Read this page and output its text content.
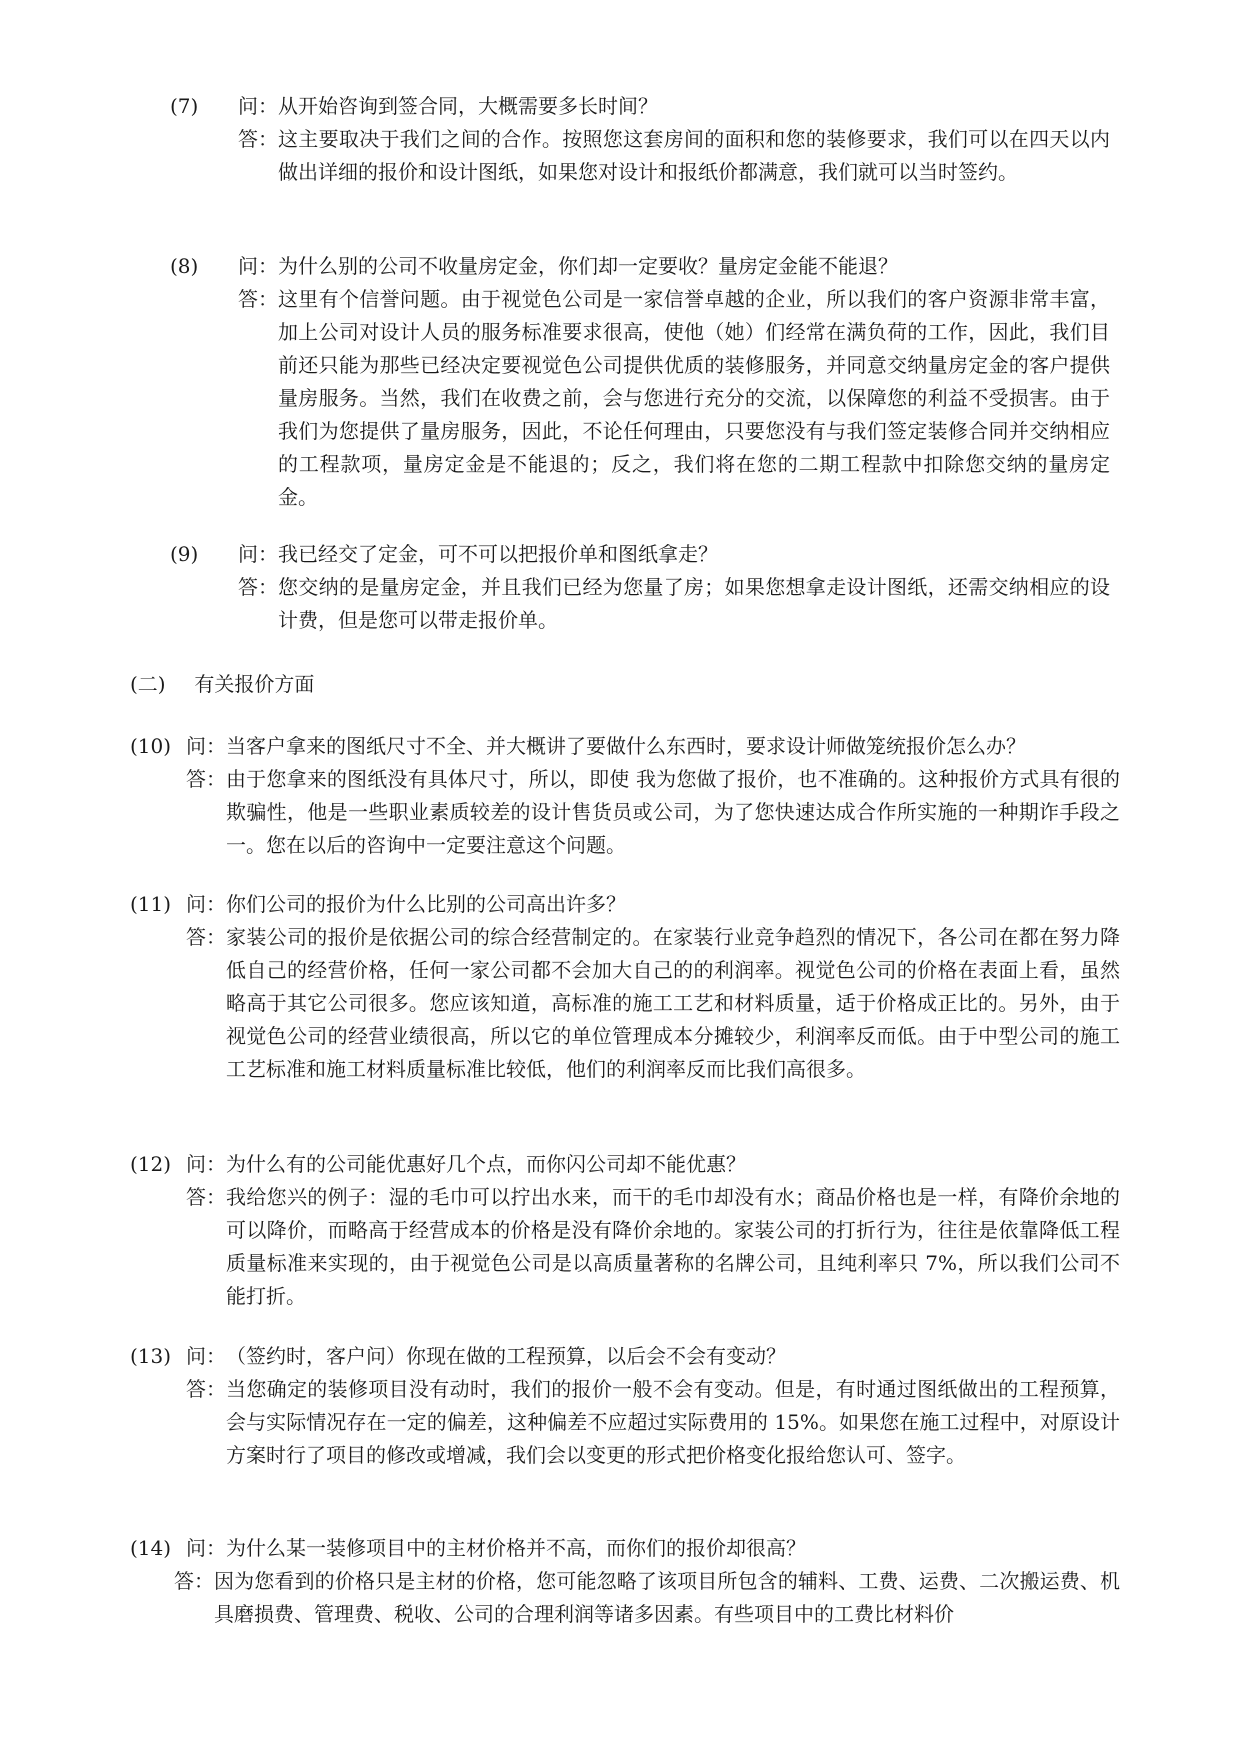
(7)	问： 从开始咨询到签合同，大概需要多长时间？
答： 这主要取决于我们之间的合作。按照您这套房间的面积和您的装修要求，我们可以在四天以内做出详细的报价和设计图纸，如果您对设计和报纸价都满意，我们就可以当时签约。
(8)	问： 为什么别的公司不收量房定金，你们却一定要收？量房定金能不能退？
答： 这里有个信誉问题。由于视觉色公司是一家信誉卓越的企业，所以我们的客户资源非常丰富，加上公司对设计人员的服务标准要求很高，使他（她）们经常在满负荷的工作，因此，我们目前还只能为那些已经决定要视觉色公司提供优质的装修服务，并同意交纳量房定金的客户提供量房服务。当然，我们在收费之前，会与您进行充分的交流，以保障您的利益不受损害。由于我们为您提供了量房服务，因此，不论任何理由，只要您没有与我们签定装修合同并交纳相应的工程款项，量房定金是不能退的；反之，我们将在您的二期工程款中扣除您交纳的量房定金。
(9)	问： 我已经交了定金，可不可以把报价单和图纸拿走？
答： 您交纳的是量房定金，并且我们已经为您量了房；如果您想拿走设计图纸，还需交纳相应的设计费，但是您可以带走报价单。
(二) 有关报价方面
(10) 问： 当客户拿来的图纸尺寸不全、并大概讲了要做什么东西时，要求设计师做笼统报价怎么办？
答： 由于您拿来的图纸没有具体尺寸，所以，即使 我为您做了报价，也不准确的。这种报价方式具有很的欺骗性，他是一些职业素质较差的设计售货员或公司，为了您快速达成合作所实施的一种期诈手段之一。您在以后的咨询中一定要注意这个问题。
(11) 问： 你们公司的报价为什么比别的公司高出许多？
答： 家装公司的报价是依据公司的综合经营制定的。在家装行业竞争趋烈的情况下，各公司在都在努力降低自己的经营价格，任何一家公司都不会加大自己的的利润率。视觉色公司的价格在表面上看，虽然略高于其它公司很多。您应该知道，高标准的施工工艺和材料质量，适于价格成正比的。另外，由于视觉色公司的经营业绩很高，所以它的单位管理成本分摊较少，利润率反而低。由于中型公司的施工工艺标准和施工材料质量标准比较低，他们的利润率反而比我们高很多。
(12) 问： 为什么有的公司能优惠好几个点，而你闪公司却不能优惠？
答： 我给您兴的例子：湿的毛巾可以拧出水来，而干的毛巾却没有水；商品价格也是一样，有降价余地的可以降价，而略高于经营成本的价格是没有降价余地的。家装公司的打折行为，往往是依靠降低工程质量标准来实现的，由于视觉色公司是以高质量著称的名牌公司，且纯利率只 7%，所以我们公司不能打折。
(13) 问： （签约时，客户问）你现在做的工程预算，以后会不会有变动？
答： 当您确定的装修项目没有动时，我们的报价一般不会有变动。但是，有时通过图纸做出的工程预算，会与实际情况存在一定的偏差，这种偏差不应超过实际费用的 15%。如果您在施工过程中，对原设计方案时行了项目的修改或增减，我们会以变更的形式把价格变化报给您认可、签字。
(14) 问： 为什么某一装修项目中的主材价格并不高，而你们的报价却很高？
答： 因为您看到的价格只是主材的价格，您可能忽略了该项目所包含的辅料、工费、运费、二次搬运费、机具磨损费、管理费、税收、公司的合理利润等诸多因素。有些项目中的工费比材料价
